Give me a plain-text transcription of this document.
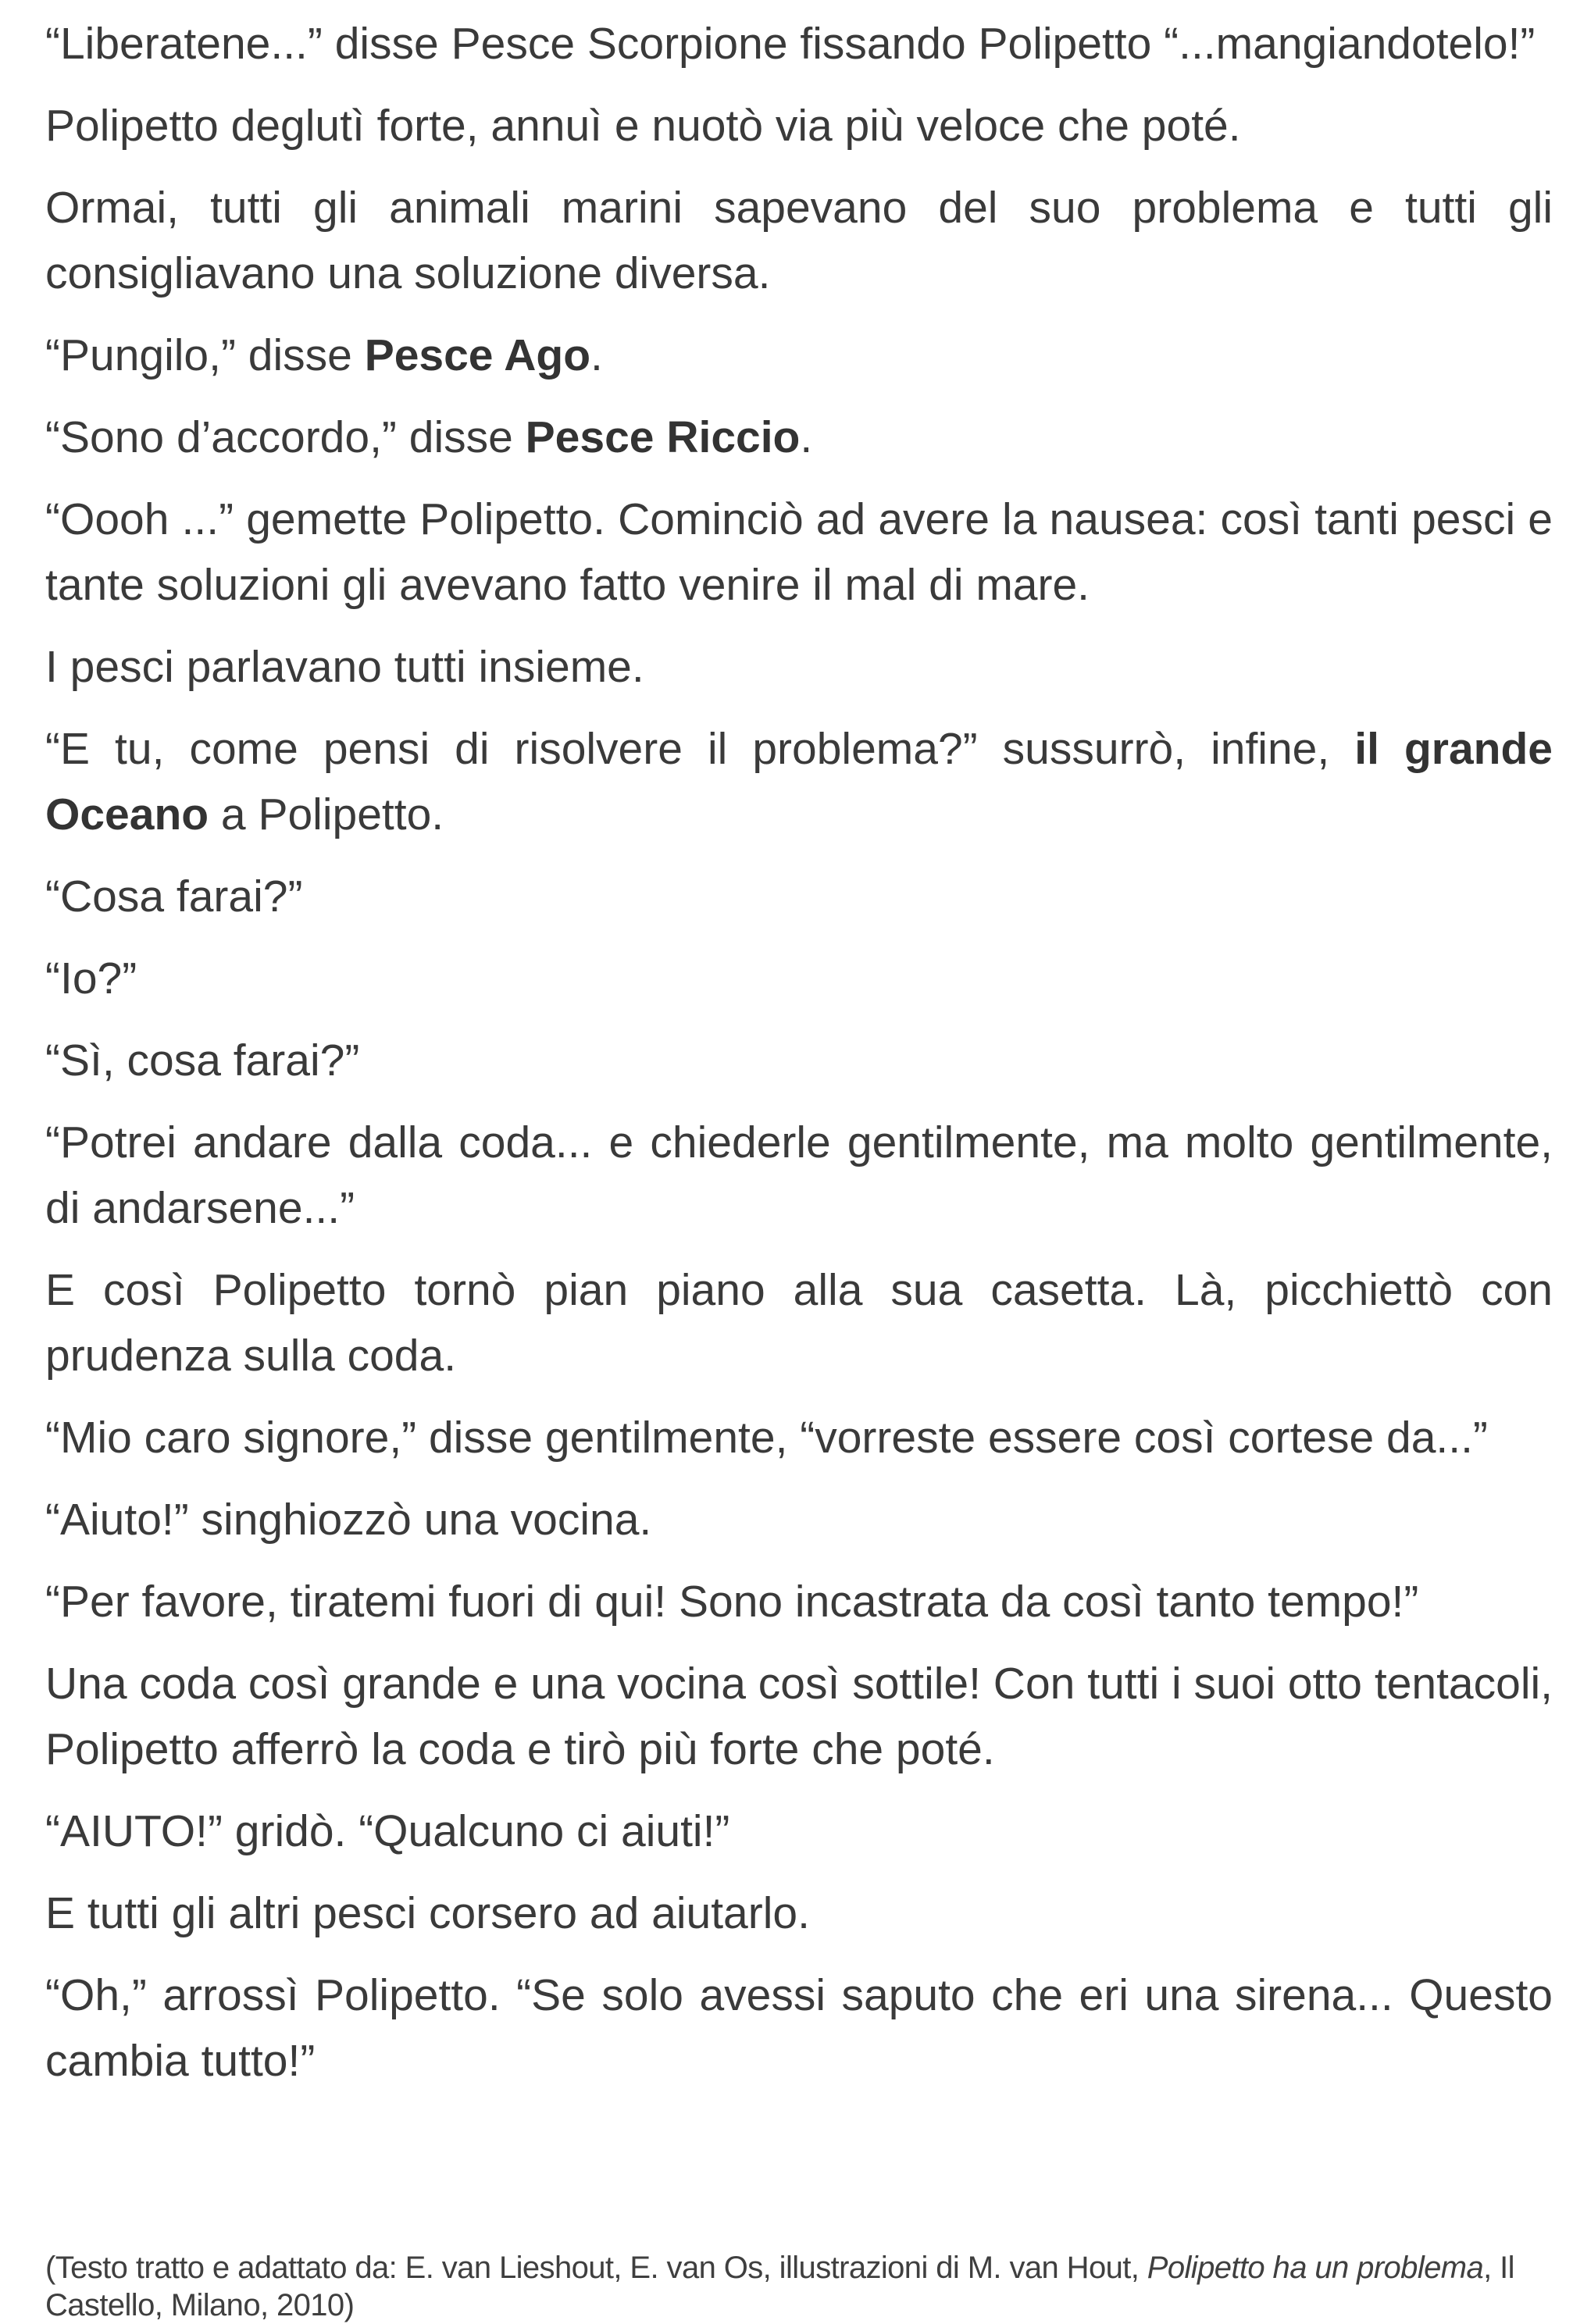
“Liberatene...” disse Pesce Scorpione fissando Polipetto “...mangiandotelo!”

Polipetto deglutì forte, annuì e nuotò via più veloce che poté.

Ormai, tutti gli animali marini sapevano del suo problema e tutti gli consigliavano una soluzione diversa.

“Pungilo,” disse Pesce Ago.

“Sono d’accordo,” disse Pesce Riccio.

“Oooh ...” gemette Polipetto. Cominciò ad avere la nausea: così tanti pesci e tante soluzioni gli avevano fatto venire il mal di mare.

I pesci parlavano tutti insieme.

“E tu, come pensi di risolvere il problema?” sussurrò, infine, il grande Oceano a Polipetto.

“Cosa farai?”

“Io?”

“Sì, cosa farai?”

“Potrei andare dalla coda... e chiederle gentilmente, ma molto gentilmente, di andarsene...”

E così Polipetto tornò pian piano alla sua casetta. Là, picchiettò con prudenza sulla coda.

“Mio caro signore,” disse gentilmente, “vorreste essere così cortese da...”

“Aiuto!” singhiozzò una vocina.

“Per favore, tiratemi fuori di qui! Sono incastrata da così tanto tempo!”

Una coda così grande e una vocina così sottile! Con tutti i suoi otto tentacoli, Polipetto afferrò la coda e tirò più forte che poté.

“AIUTO!” gridò. “Qualcuno ci aiuti!”

E tutti gli altri pesci corsero ad aiutarlo.

“Oh,” arrossì Polipetto. “Se solo avessi saputo che eri una sirena... Questo cambia tutto!”

(Testo tratto e adattato da: E. van Lieshout, E. van Os, illustrazioni di M. van Hout, Polipetto ha un problema, Il Castello, Milano, 2010)
